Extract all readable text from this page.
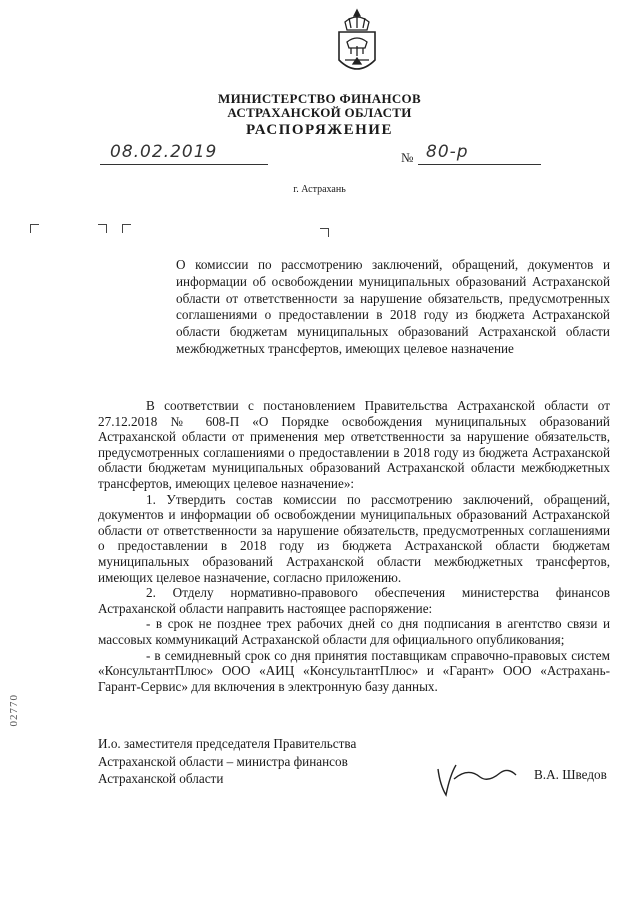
МИНИСТЕРСТВО ФИНАНСОВ
АСТРАХАНСКОЙ ОБЛАСТИ
РАСПОРЯЖЕНИЕ
08.02.2019	№ 80-р
г. Астрахань
О комиссии по рассмотрению заключений, обращений, документов и информации об освобождении муниципальных образований Астраханской области от ответственности за нарушение обязательств, предусмотренных соглашениями о предоставлении в 2018 году из бюджета Астраханской области бюджетам муниципальных образований Астраханской области межбюджетных трансфертов, имеющих целевое назначение

В соответствии с постановлением Правительства Астраханской области от 27.12.2018 № 608-П «О Порядке освобождения муниципальных образований Астраханской области от применения мер ответственности за нарушение обязательств, предусмотренных соглашениями о предоставлении в 2018 году из бюджета Астраханской области бюджетам муниципальных образований Астраханской области межбюджетных трансфертов, имеющих целевое назначение»:

1. Утвердить состав комиссии по рассмотрению заключений, обращений, документов и информации об освобождении муниципальных образований Астраханской области от ответственности за нарушение обязательств, предусмотренных соглашениями о предоставлении в 2018 году из бюджета Астраханской области бюджетам муниципальных образований Астраханской области межбюджетных трансфертов, имеющих целевое назначение, согласно приложению.

2. Отделу нормативно-правового обеспечения министерства финансов Астраханской области направить настоящее распоряжение:

- в срок не позднее трех рабочих дней со дня подписания в агентство связи и массовых коммуникаций Астраханской области для официального опубликования;

- в семидневный срок со дня принятия поставщикам справочно-правовых систем «КонсультантПлюс» ООО «АИЦ «КонсультантПлюс» и «Гарант» ООО «Астрахань-Гарант-Сервис» для включения в электронную базу данных.

И.о. заместителя председателя Правительства
Астраханской области – министра финансов
Астраханской области	В.А. Шведов
02770
